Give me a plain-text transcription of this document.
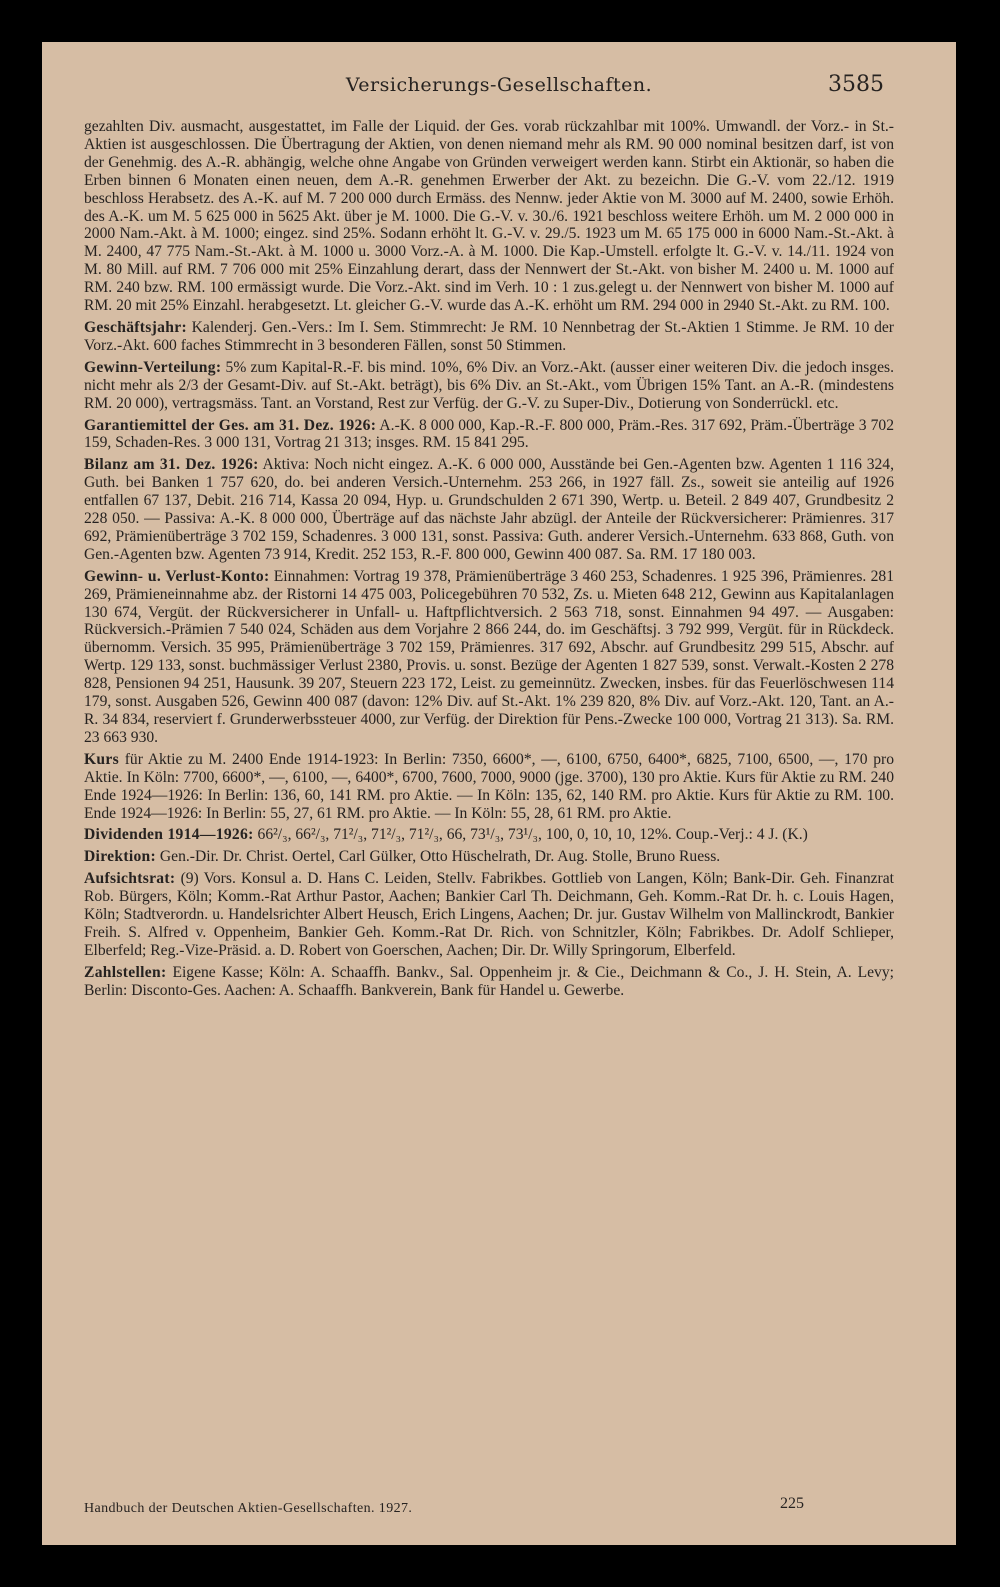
Versicherungs-Gesellschaften.	3585

gezahlten Div. ausmacht, ausgestattet, im Falle der Liquid. der Ges. vorab rückzahlbar mit 100%. Umwandl. der Vorz.- in St.-Aktien ist ausgeschlossen. Die Übertragung der Aktien, von denen niemand mehr als RM. 90 000 nominal besitzen darf, ist von der Genehmig. des A.-R. abhängig, welche ohne Angabe von Gründen verweigert werden kann. Stirbt ein Aktionär, so haben die Erben binnen 6 Monaten einen neuen, dem A.-R. genehmen Erwerber der Akt. zu bezeichn. Die G.-V. vom 22./12. 1919 beschloss Herabsetz. des A.-K. auf M. 7 200 000 durch Ermäss. des Nennw. jeder Aktie von M. 3000 auf M. 2400, sowie Erhöh. des A.-K. um M. 5 625 000 in 5625 Akt. über je M. 1000. Die G.-V. v. 30./6. 1921 beschloss weitere Erhöh. um M. 2 000 000 in 2000 Nam.-Akt. à M. 1000; eingez. sind 25%. Sodann erhöht lt. G.-V. v. 29./5. 1923 um M. 65 175 000 in 6000 Nam.-St.-Akt. à M. 2400, 47 775 Nam.-St.-Akt. à M. 1000 u. 3000 Vorz.-A. à M. 1000. Die Kap.-Umstell. erfolgte lt. G.-V. v. 14./11. 1924 von M. 80 Mill. auf RM. 7 706 000 mit 25% Einzahlung derart, dass der Nennwert der St.-Akt. von bisher M. 2400 u. M. 1000 auf RM. 240 bzw. RM. 100 ermässigt wurde. Die Vorz.-Akt. sind im Verh. 10 : 1 zus.gelegt u. der Nennwert von bisher M. 1000 auf RM. 20 mit 25% Einzahl. herabgesetzt. Lt. gleicher G.-V. wurde das A.-K. erhöht um RM. 294 000 in 2940 St.-Akt. zu RM. 100.

Geschäftsjahr: Kalenderj. Gen.-Vers.: Im I. Sem. Stimmrecht: Je RM. 10 Nennbetrag der St.-Aktien 1 Stimme. Je RM. 10 der Vorz.-Akt. 600 faches Stimmrecht in 3 besonderen Fällen, sonst 50 Stimmen.

Gewinn-Verteilung: 5% zum Kapital-R.-F. bis mind. 10%, 6% Div. an Vorz.-Akt. (ausser einer weiteren Div. die jedoch insges. nicht mehr als 2/3 der Gesamt-Div. auf St.-Akt. beträgt), bis 6% Div. an St.-Akt., vom Übrigen 15% Tant. an A.-R. (mindestens RM. 20 000), vertragsmäss. Tant. an Vorstand, Rest zur Verfüg. der G.-V. zu Super-Div., Dotierung von Sonderrückl. etc.

Garantiemittel der Ges. am 31. Dez. 1926: A.-K. 8 000 000, Kap.-R.-F. 800 000, Präm.-Res. 317 692, Präm.-Überträge 3 702 159, Schaden-Res. 3 000 131, Vortrag 21 313; insges. RM. 15 841 295.

Bilanz am 31. Dez. 1926: Aktiva: Noch nicht eingez. A.-K. 6 000 000, Ausstände bei Gen.-Agenten bzw. Agenten 1 116 324, Guth. bei Banken 1 757 620, do. bei anderen Versich.-Unternehm. 253 266, in 1927 fäll. Zs., soweit sie anteilig auf 1926 entfallen 67 137, Debit. 216 714, Kassa 20 094, Hyp. u. Grundschulden 2 671 390, Wertp. u. Beteil. 2 849 407, Grundbesitz 2 228 050. — Passiva: A.-K. 8 000 000, Überträge auf das nächste Jahr abzügl. der Anteile der Rückversicherer: Prämienres. 317 692, Prämienüberträge 3 702 159, Schadenres. 3 000 131, sonst. Passiva: Guth. anderer Versich.-Unternehm. 633 868, Guth. von Gen.-Agenten bzw. Agenten 73 914, Kredit. 252 153, R.-F. 800 000, Gewinn 400 087. Sa. RM. 17 180 003.

Gewinn- u. Verlust-Konto: Einnahmen: Vortrag 19 378, Prämienüberträge 3 460 253, Schadenres. 1 925 396, Prämienres. 281 269, Prämieneinnahme abz. der Ristorni 14 475 003, Policegebühren 70 532, Zs. u. Mieten 648 212, Gewinn aus Kapitalanlagen 130 674, Vergüt. der Rückversicherer in Unfall- u. Haftpflichtversich. 2 563 718, sonst. Einnahmen 94 497. — Ausgaben: Rückversich.-Prämien 7 540 024, Schäden aus dem Vorjahre 2 866 244, do. im Geschäftsj. 3 792 999, Vergüt. für in Rückdeck. übernomm. Versich. 35 995, Prämienüberträge 3 702 159, Prämienres. 317 692, Abschr. auf Grundbesitz 299 515, Abschr. auf Wertp. 129 133, sonst. buchmässiger Verlust 2380, Provis. u. sonst. Bezüge der Agenten 1 827 539, sonst. Verwalt.-Kosten 2 278 828, Pensionen 94 251, Hausunk. 39 207, Steuern 223 172, Leist. zu gemeinnütz. Zwecken, insbes. für das Feuerlöschwesen 114 179, sonst. Ausgaben 526, Gewinn 400 087 (davon: 12% Div. auf St.-Akt. 1% 239 820, 8% Div. auf Vorz.-Akt. 120, Tant. an A.-R. 34 834, reserviert f. Grunderwerbssteuer 4000, zur Verfüg. der Direktion für Pens.-Zwecke 100 000, Vortrag 21 313). Sa. RM. 23 663 930.

Kurs für Aktie zu M. 2400 Ende 1914-1923: In Berlin: 7350, 6600*, —, 6100, 6750, 6400*, 6825, 7100, 6500, —, 170 pro Aktie. In Köln: 7700, 6600*, —, 6100, —, 6400*, 6700, 7600, 7000, 9000 (jge. 3700), 130 pro Aktie. Kurs für Aktie zu RM. 240 Ende 1924—1926: In Berlin: 136, 60, 141 RM. pro Aktie. — In Köln: 135, 62, 140 RM. pro Aktie. Kurs für Aktie zu RM. 100. Ende 1924—1926: In Berlin: 55, 27, 61 RM. pro Aktie. — In Köln: 55, 28, 61 RM. pro Aktie.

Dividenden 1914—1926: 66²/₃, 66²/₃, 71²/₃, 71²/₃, 71²/₃, 66, 73¹/₃, 73¹/₃, 100, 0, 10, 10, 12%. Coup.-Verj.: 4 J. (K.)

Direktion: Gen.-Dir. Dr. Christ. Oertel, Carl Gülker, Otto Hüschelrath, Dr. Aug. Stolle, Bruno Ruess.

Aufsichtsrat: (9) Vors. Konsul a. D. Hans C. Leiden, Stellv. Fabrikbes. Gottlieb von Langen, Köln; Bank-Dir. Geh. Finanzrat Rob. Bürgers, Köln; Komm.-Rat Arthur Pastor, Aachen; Bankier Carl Th. Deichmann, Geh. Komm.-Rat Dr. h. c. Louis Hagen, Köln; Stadtverordn. u. Handelsrichter Albert Heusch, Erich Lingens, Aachen; Dr. jur. Gustav Wilhelm von Mallinckrodt, Bankier Freih. S. Alfred v. Oppenheim, Bankier Geh. Komm.-Rat Dr. Rich. von Schnitzler, Köln; Fabrikbes. Dr. Adolf Schlieper, Elberfeld; Reg.-Vize-Präsid. a. D. Robert von Goerschen, Aachen; Dir. Dr. Willy Springorum, Elberfeld.

Zahlstellen: Eigene Kasse; Köln: A. Schaaffh. Bankv., Sal. Oppenheim jr. & Cie., Deichmann & Co., J. H. Stein, A. Levy; Berlin: Disconto-Ges. Aachen: A. Schaaffh. Bankverein, Bank für Handel u. Gewerbe.

Handbuch der Deutschen Aktien-Gesellschaften. 1927.	225
